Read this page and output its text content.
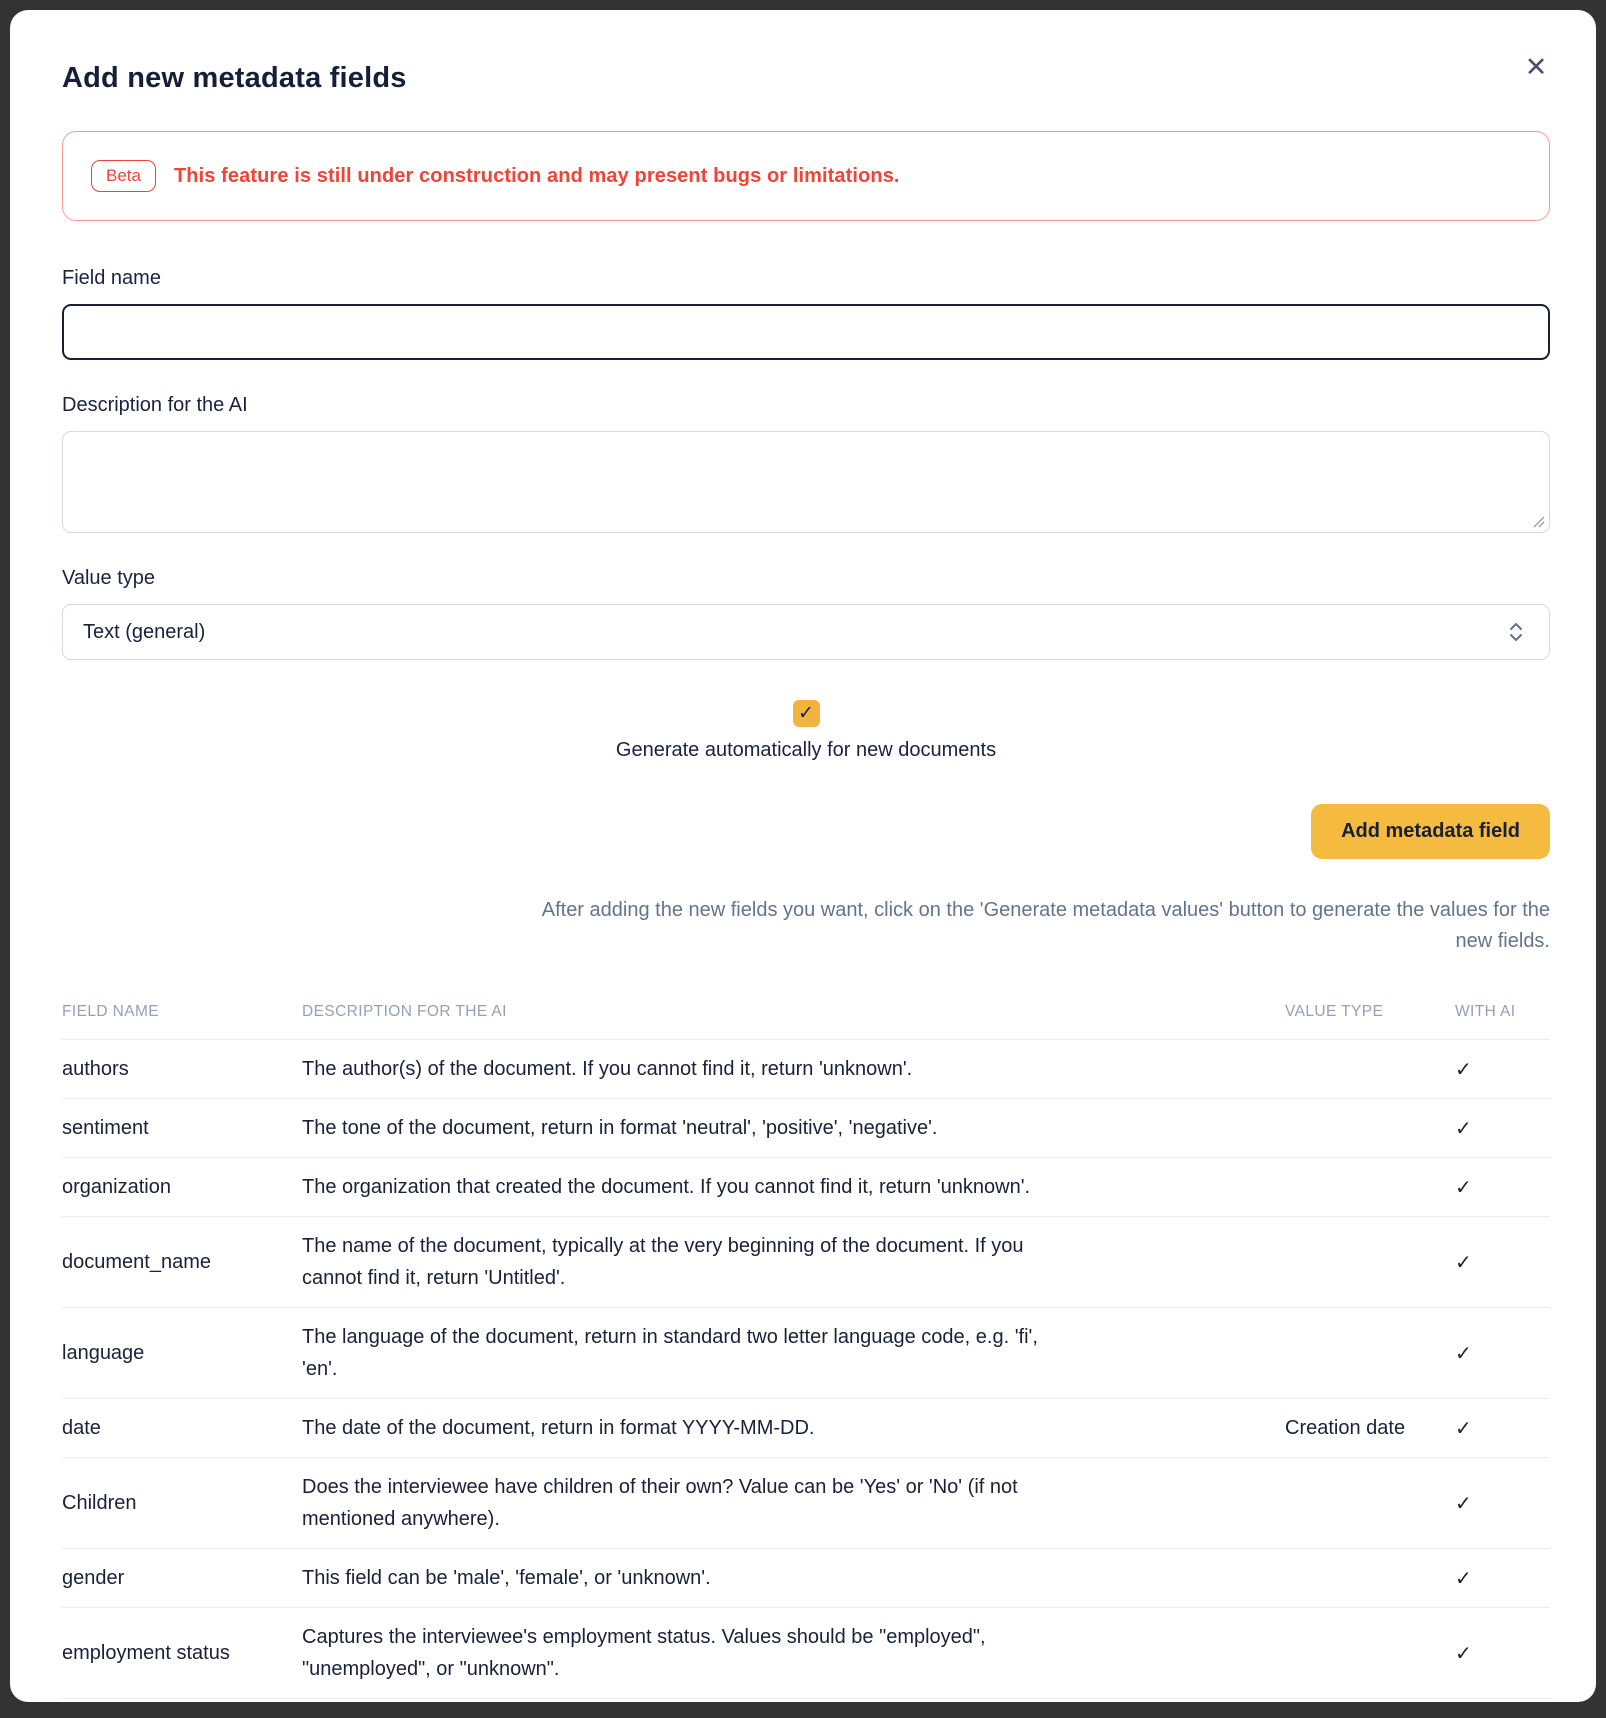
Add new metadata fields	✕
Beta	This feature is still under construction and may present bugs or limitations.
Field name
Description for the AI
Value type
Text (general)
✓
Generate automatically for new documents
Add metadata field

After adding the new fields you want, click on the 'Generate metadata values' button to generate the values for the new fields.

FIELD NAME	DESCRIPTION FOR THE AI	VALUE TYPE	WITH AI
authors	The author(s) of the document. If you cannot find it, return 'unknown'.		✓
sentiment	The tone of the document, return in format 'neutral', 'positive', 'negative'.		✓
organization	The organization that created the document. If you cannot find it, return 'unknown'.		✓
document_name	The name of the document, typically at the very beginning of the document. If you cannot find it, return 'Untitled'.		✓
language	The language of the document, return in standard two letter language code, e.g. 'fi', 'en'.		✓
date	The date of the document, return in format YYYY-MM-DD.	Creation date	✓
Children	Does the interviewee have children of their own? Value can be 'Yes' or 'No' (if not mentioned anywhere).		✓
gender	This field can be 'male', 'female', or 'unknown'.		✓
employment status	Captures the interviewee's employment status. Values should be "employed", "unemployed", or "unknown".		✓
